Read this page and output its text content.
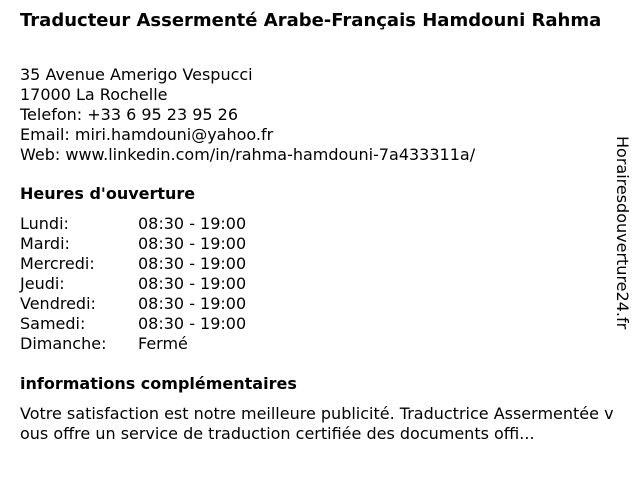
Traducteur Assermenté Arabe-Français Hamdouni Rahma
35 Avenue Amerigo Vespucci
17000 La Rochelle
Telefon: +33 6 95 23 95 26
Email: miri.hamdouni@yahoo.fr
Web: www.linkedin.com/in/rahma-hamdouni-7a433311a/
Heures d'ouverture
Lundi:	08:30 - 19:00
Mardi:	08:30 - 19:00
Mercredi:	08:30 - 19:00
Jeudi:	08:30 - 19:00
Vendredi:	08:30 - 19:00
Samedi:	08:30 - 19:00
Dimanche:	Fermé
informations complémentaires
Votre satisfaction est notre meilleure publicité. Traductrice Assermentée vous offre un service de traduction certifiée des documents offi...
Horairesdouverture24.fr
